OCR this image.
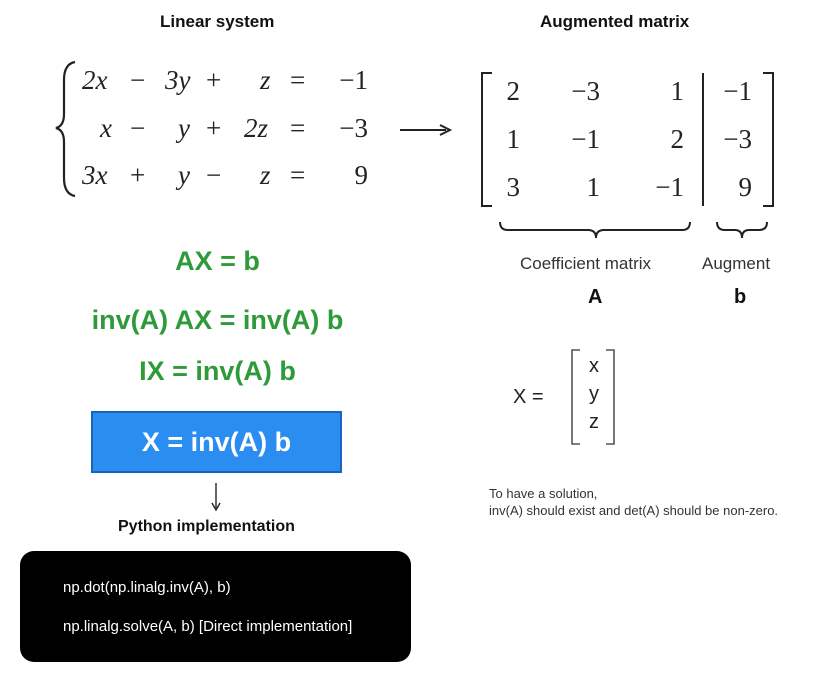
Linear system	Augmented matrix
2x − 3y + z =	−1
x − y + 2z =	−3
3x + y − z =	9
2	−3	1	−1
1	−1	2	−3
3	1	−1	9
Coefficient matrix	Augment
A	b
AX = b
inv(A) AX = inv(A) b
IX = inv(A) b
X = inv(A) b
X =
x
y
z
To have a solution,
inv(A) should exist and det(A) should be non-zero.
Python implementation
np.dot(np.linalg.inv(A), b)
np.linalg.solve(A, b) [Direct implementation]
